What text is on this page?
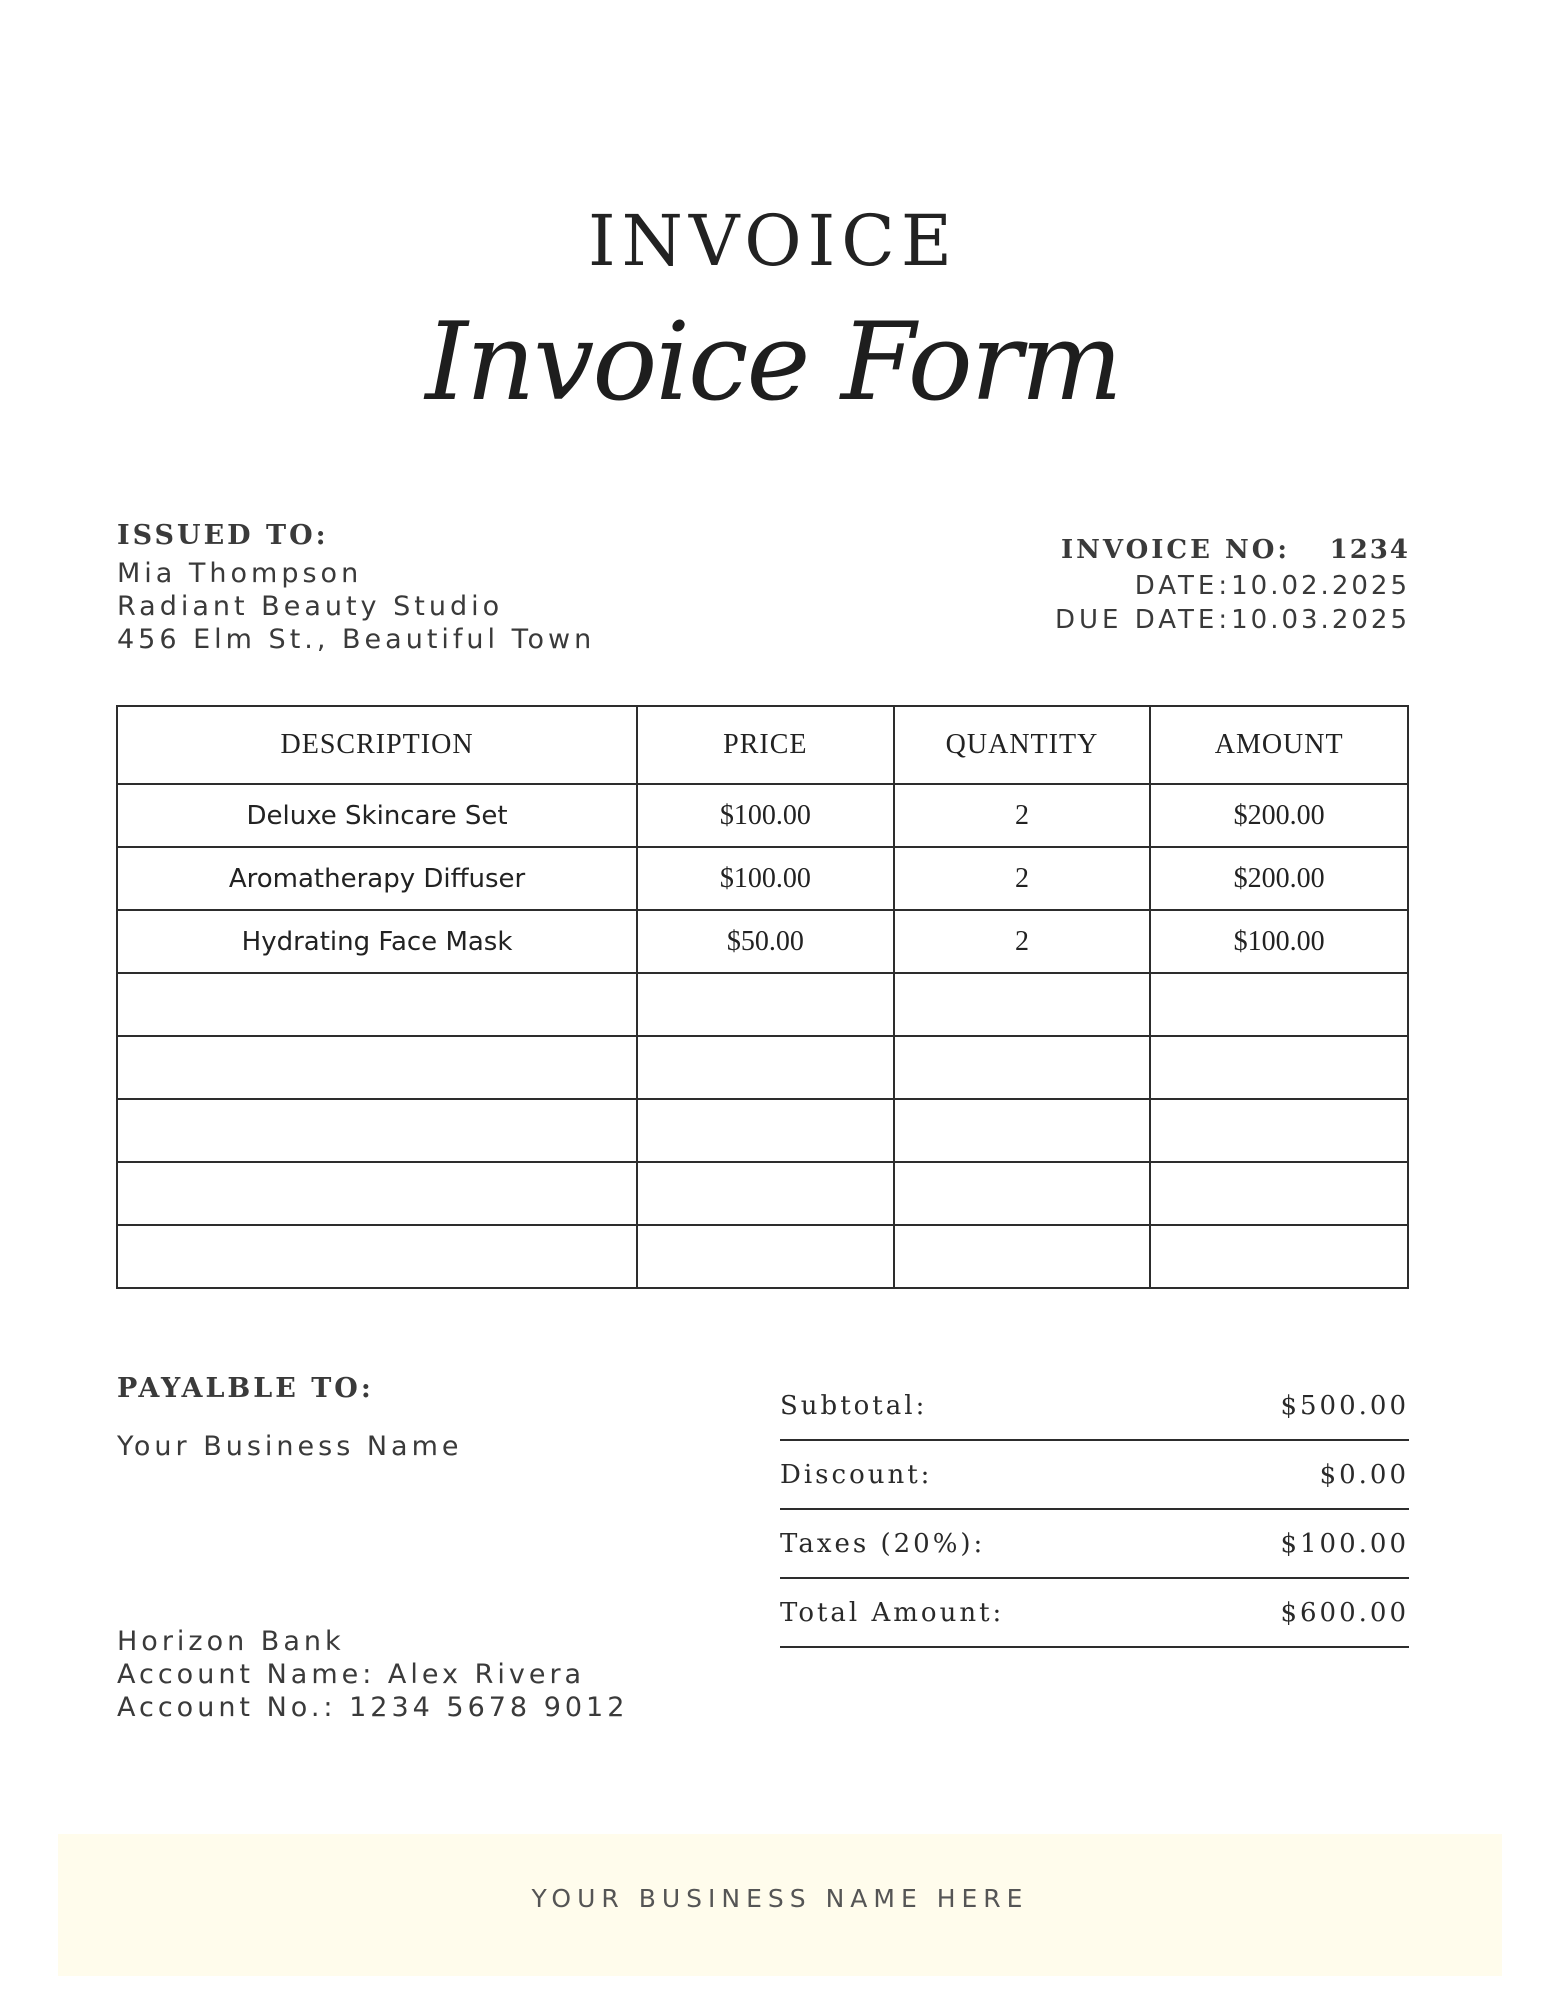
INVOICE
Invoice Form
ISSUED TO:
Mia Thompson
Radiant Beauty Studio
456 Elm St., Beautiful Town
INVOICE NO:	1234
DATE: 10.02.2025
DUE DATE: 10.03.2025
DESCRIPTION	PRICE	QUANTITY	AMOUNT
Deluxe Skincare Set	$100.00	2	$200.00
Aromatherapy Diffuser	$100.00	2	$200.00
Hydrating Face Mask	$50.00	2	$100.00

PAYALBLE TO:
Your Business Name
Horizon Bank
Account Name: Alex Rivera
Account No.: 1234 5678 9012
Subtotal:	$500.00
Discount:	$0.00
Taxes (20%):	$100.00
Total Amount:	$600.00
YOUR BUSINESS NAME HERE
